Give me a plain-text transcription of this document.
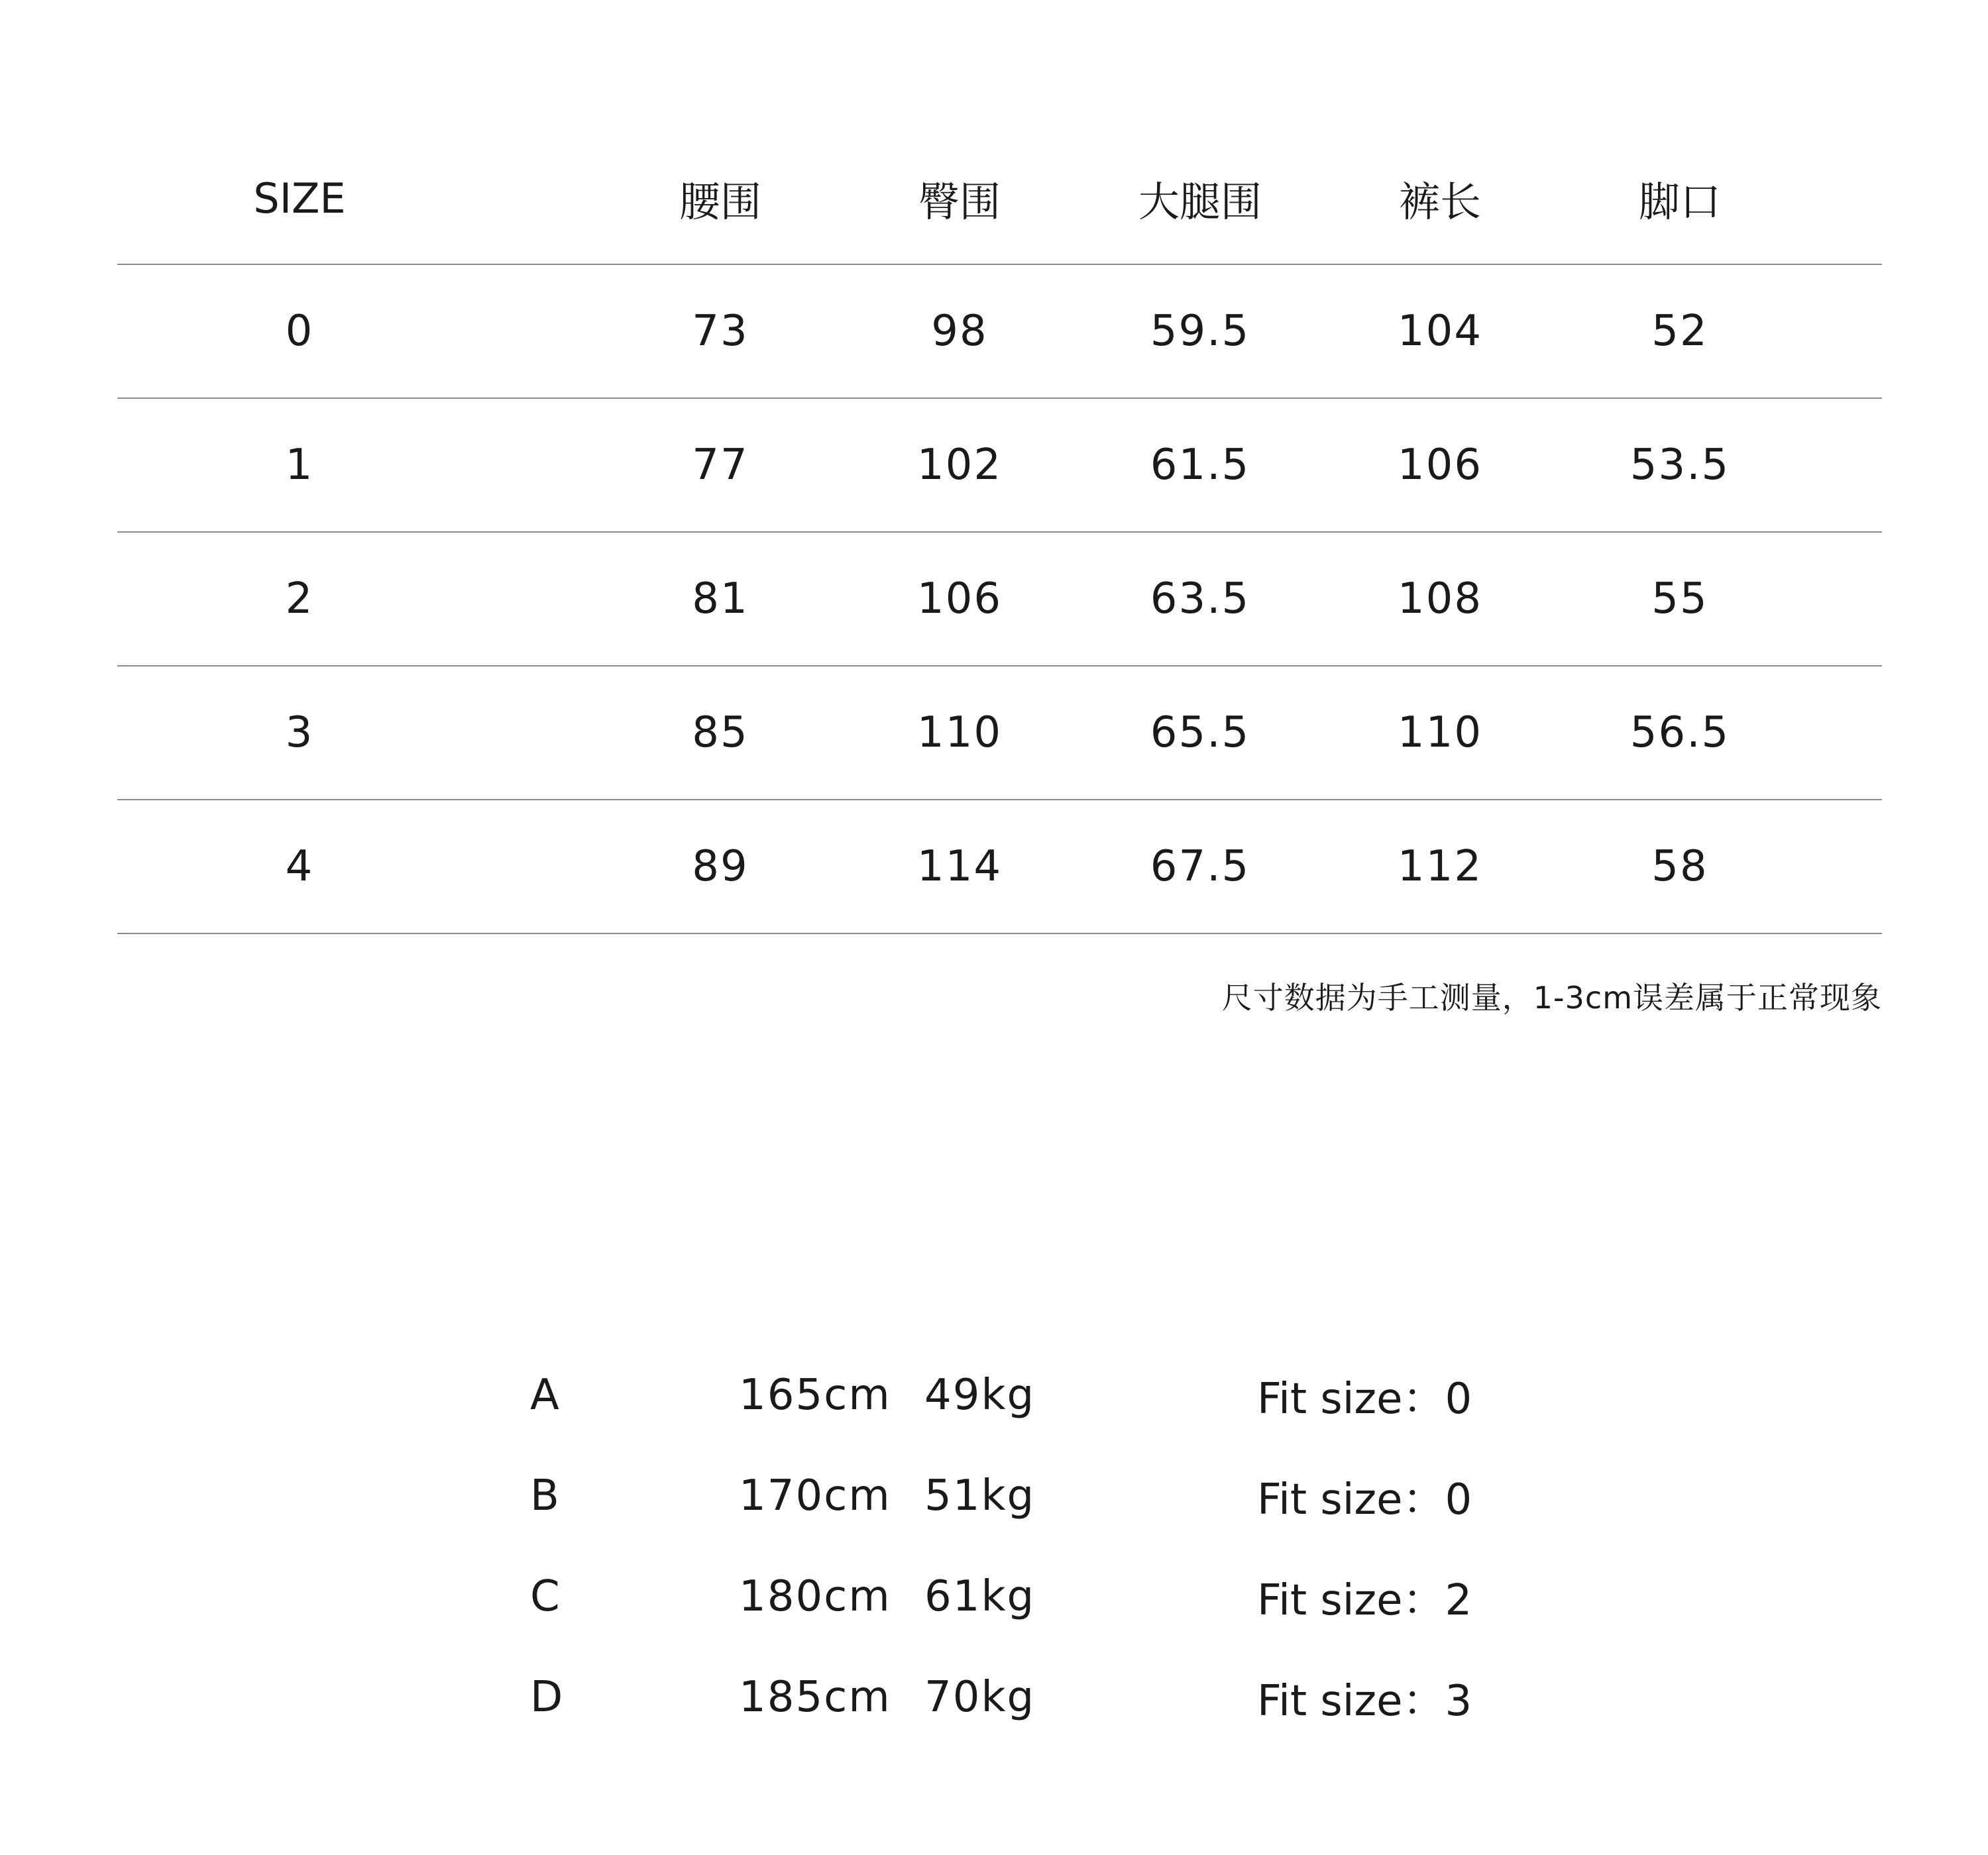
SIZE	腰围	臀围	大腿围	裤长	脚口
0	73	98	59.5	104	52
1	77	102	61.5	106	53.5
2	81	106	63.5	108	55
3	85	110	65.5	110	56.5
4	89	114	67.5	112	58
尺寸数据为手工测量，1-3cm误差属于正常现象
A	165cm 49kg	Fit size：0
B	170cm 51kg	Fit size：0
C	180cm 61kg	Fit size：2
D	185cm 70kg	Fit size：3
